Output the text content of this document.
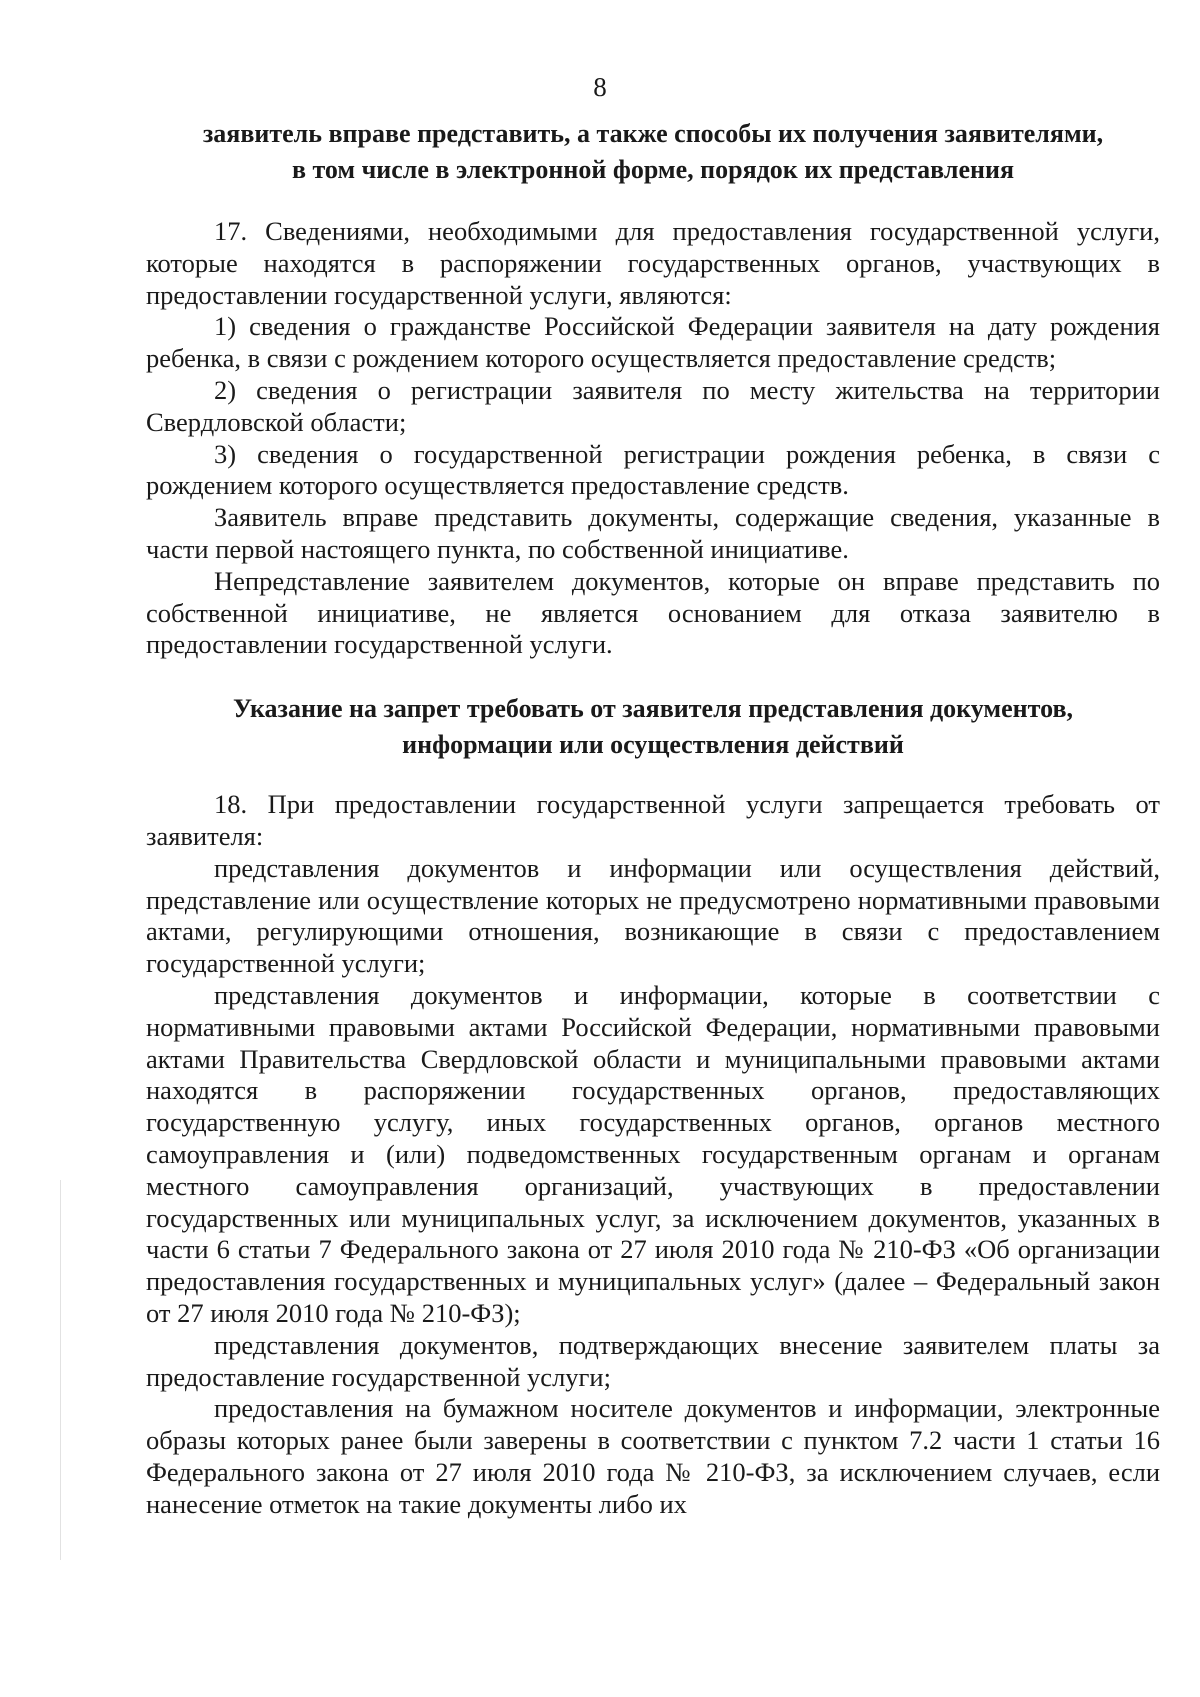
8
заявитель вправе представить, а также способы их получения заявителями,
в том числе в электронной форме, порядок их представления

17. Сведениями, необходимыми для предоставления государственной услуги, которые находятся в распоряжении государственных органов, участвующих в предоставлении государственной услуги, являются:

1) сведения о гражданстве Российской Федерации заявителя на дату рождения ребенка, в связи с рождением которого осуществляется предоставление средств;

2) сведения о регистрации заявителя по месту жительства на территории Свердловской области;

3) сведения о государственной регистрации рождения ребенка, в связи с рождением которого осуществляется предоставление средств.

Заявитель вправе представить документы, содержащие сведения, указанные в части первой настоящего пункта, по собственной инициативе.

Непредставление заявителем документов, которые он вправе представить по собственной инициативе, не является основанием для отказа заявителю в предоставлении государственной услуги.

Указание на запрет требовать от заявителя представления документов,
информации или осуществления действий

18. При предоставлении государственной услуги запрещается требовать от заявителя:

представления документов и информации или осуществления действий, представление или осуществление которых не предусмотрено нормативными правовыми актами, регулирующими отношения, возникающие в связи с предоставлением государственной услуги;

представления документов и информации, которые в соответствии с нормативными правовыми актами Российской Федерации, нормативными правовыми актами Правительства Свердловской области и муниципальными правовыми актами находятся в распоряжении государственных органов, предоставляющих государственную услугу, иных государственных органов, органов местного самоуправления и (или) подведомственных государственным органам и органам местного самоуправления организаций, участвующих в предоставлении государственных или муниципальных услуг, за исключением документов, указанных в части 6 статьи 7 Федерального закона от 27 июля 2010 года № 210-ФЗ «Об организации предоставления государственных и муниципальных услуг» (далее – Федеральный закон от 27 июля 2010 года № 210-ФЗ);

представления документов, подтверждающих внесение заявителем платы за предоставление государственной услуги;

предоставления на бумажном носителе документов и информации, электронные образы которых ранее были заверены в соответствии с пунктом 7.2 части 1 статьи 16 Федерального закона от 27 июля 2010 года № 210-ФЗ, за исключением случаев, если нанесение отметок на такие документы либо их
